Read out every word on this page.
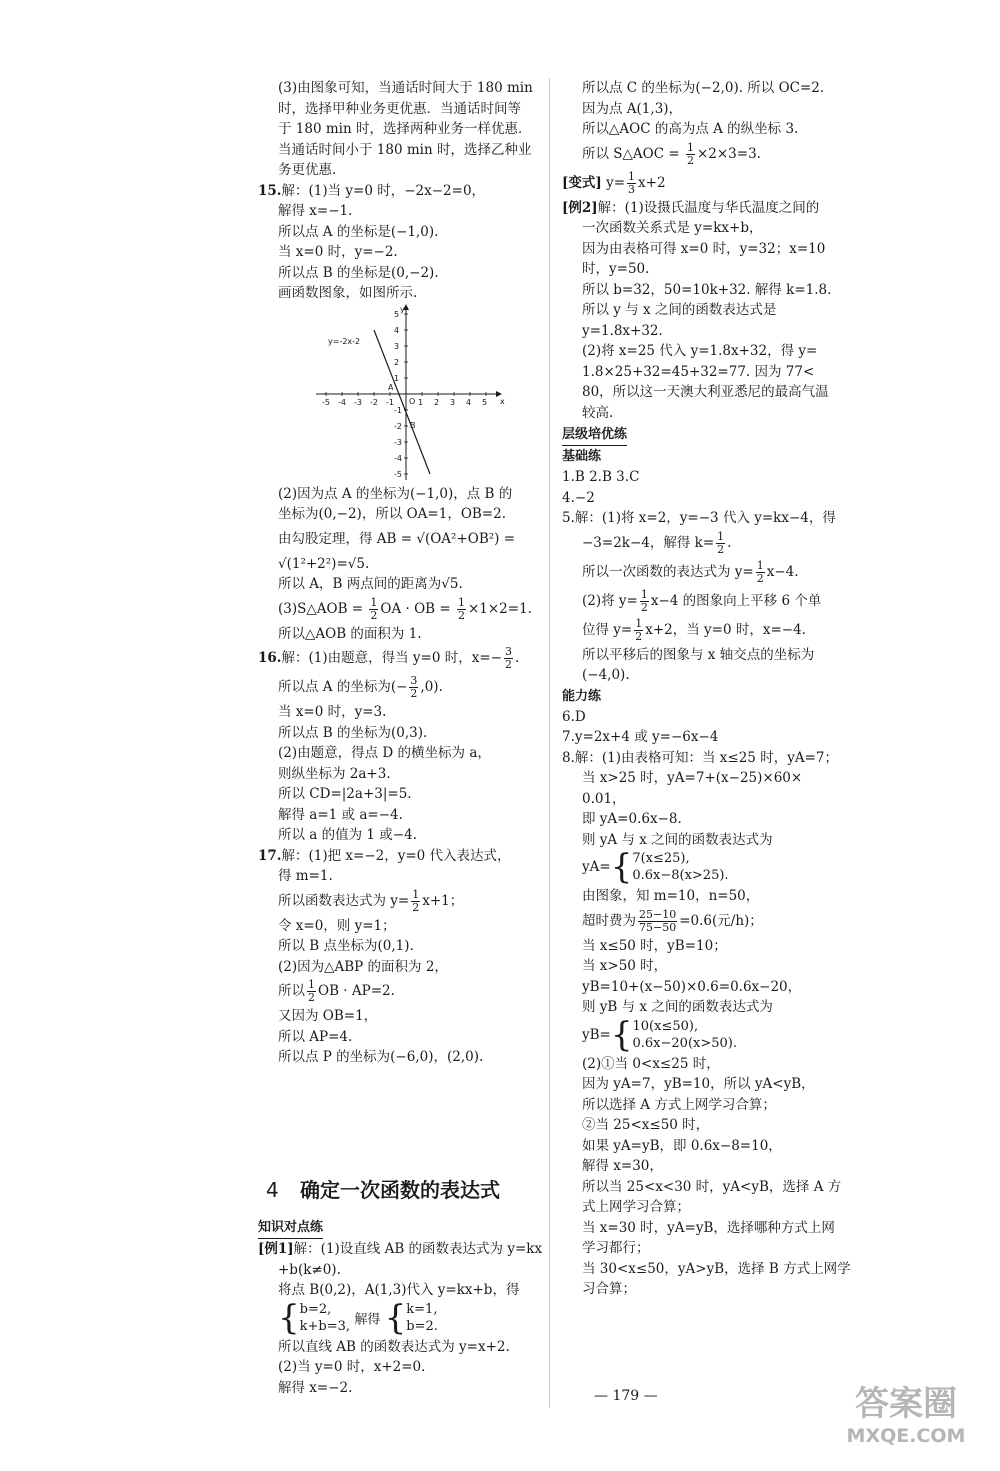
(3)由图象可知，当通话时间大于 180 min
时，选择甲种业务更优惠．当通话时间等
于 180 min 时，选择两种业务一样优惠．
当通话时间小于 180 min 时，选择乙种业
务更优惠.
15.解：(1)当 y=0 时，−2x−2=0，
解得 x=−1.
所以点 A 的坐标是(−1,0).
当 x=0 时，y=−2.
所以点 B 的坐标是(0,−2).
画函数图象，如图所示.
-5
-5
-4
-4
-3
-3
-2
-2
-1
-1
1
1
2
2
3
3
4
4
5
5
y=-2x-2
y
x
O
A
B
(2)因为点 A 的坐标为(−1,0)，点 B 的
坐标为(0,−2)，所以 OA=1，OB=2.
由勾股定理，得 AB = √(OA²+OB²) =
√(1²+2²)=√5.
所以 A，B 两点间的距离为√5.
(3)S△AOB = $\frac{1}{2}$ OA · OB = $\frac{1}{2} \times 1\times 2=1$.
所以△AOB 的面积为 1.
16.解：(1)由题意，得当 y=0 时，$x=- \frac{3}{2}$ .
所以点 A 的坐标为(− $\frac{3}{2} ,0$).
当 x=0 时，y=3.
所以点 B 的坐标为(0,3).
(2)由题意，得点 D 的横坐标为 a，
则纵坐标为 2a+3.
所以 CD=|2a+3|=5.
解得 a=1 或 a=−4.
所以 a 的值为 1 或−4.
17.解：(1)把 x=−2，y=0 代入表达式，
得 m=1.
所以函数表达式为 $y= \frac{1}{2} x+1$；
令 x=0，则 y=1；
所以 B 点坐标为(0,1).
(2)因为△ABP 的面积为 2，
所以 $\frac{1}{2}$ OB · AP=2.
又因为 OB=1，
所以 AP=4.
所以点 P 的坐标为(−6,0)，(2,0).
4 确定一次函数的表达式
知识对点练
[例1]解：(1)设直线 AB 的函数表达式为 y=kx
+b(k≠0).
将点 B(0,2)，A(1,3)代入 y=kx+b，得
{ b=2,
k+b=3, 解得 { k=1,
b=2.
所以直线 AB 的函数表达式为 y=x+2.
(2)当 y=0 时，x+2=0.
解得 x=−2.
所以点 C 的坐标为(−2,0). 所以 OC=2.
因为点 A(1,3)，
所以△AOC 的高为点 A 的纵坐标 3.
所以 S△AOC = $\frac{1}{2} \times 2\times 3=3$.
[变式] $y= \frac{1}{3} x+2$
[例2]解：(1)设摄氏温度与华氏温度之间的
一次函数关系式是 y=kx+b，
因为由表格可得 x=0 时，y=32；x=10
时，y=50.
所以 b=32，50=10k+32. 解得 k=1.8.
所以 y 与 x 之间的函数表达式是
y=1.8x+32.
(2)将 x=25 代入 y=1.8x+32，得 y=
1.8×25+32=45+32=77. 因为 77<
80，所以这一天澳大利亚悉尼的最高气温
较高.
层级培优练
基础练
1.B 2.B 3.C
4.−2
5.解：(1)将 x=2，y=−3 代入 y=kx−4，得
−3=2k−4，解得 $k= \frac{1}{2}$ .
所以一次函数的表达式为 $y= \frac{1}{2} x-4$.
(2)将 $y= \frac{1}{2} x-4$ 的图象向上平移 6 个单
位得 $y= \frac{1}{2} x+2$，当 y=0 时，x=−4.
所以平移后的图象与 x 轴交点的坐标为
(−4,0).
能力练
6.D
7.y=2x+4 或 y=−6x−4
8.解：(1)由表格可知：当 x≤25 时，yA=7；
当 x>25 时，yA=7+(x−25)×60×
0.01，
即 yA=0.6x−8.
则 yA 与 x 之间的函数表达式为
yA={ 7(x≤25),
0.6x−8(x>25).
由图象，知 m=10，n=50，
超时费为 $\frac{25-10}{75-50} =0.6$(元/h)；
当 x≤50 时，yB=10；
当 x>50 时，
yB=10+(x−50)×0.6=0.6x−20，
则 yB 与 x 之间的函数表达式为
yB={ 10(x≤50),
0.6x−20(x>50).
(2)①当 0<x≤25 时，
因为 yA=7，yB=10，所以 yA<yB，
所以选择 A 方式上网学习合算；
②当 25<x≤50 时，
如果 yA=yB，即 0.6x−8=10，
解得 x=30，
所以当 25<x<30 时，yA<yB，选择 A 方
式上网学习合算；
当 x=30 时，yA=yB，选择哪种方式上网
学习都行；
当 30<x≤50，yA>yB，选择 B 方式上网学
习合算；
— 179 —	答案圈
MXQE.COM
